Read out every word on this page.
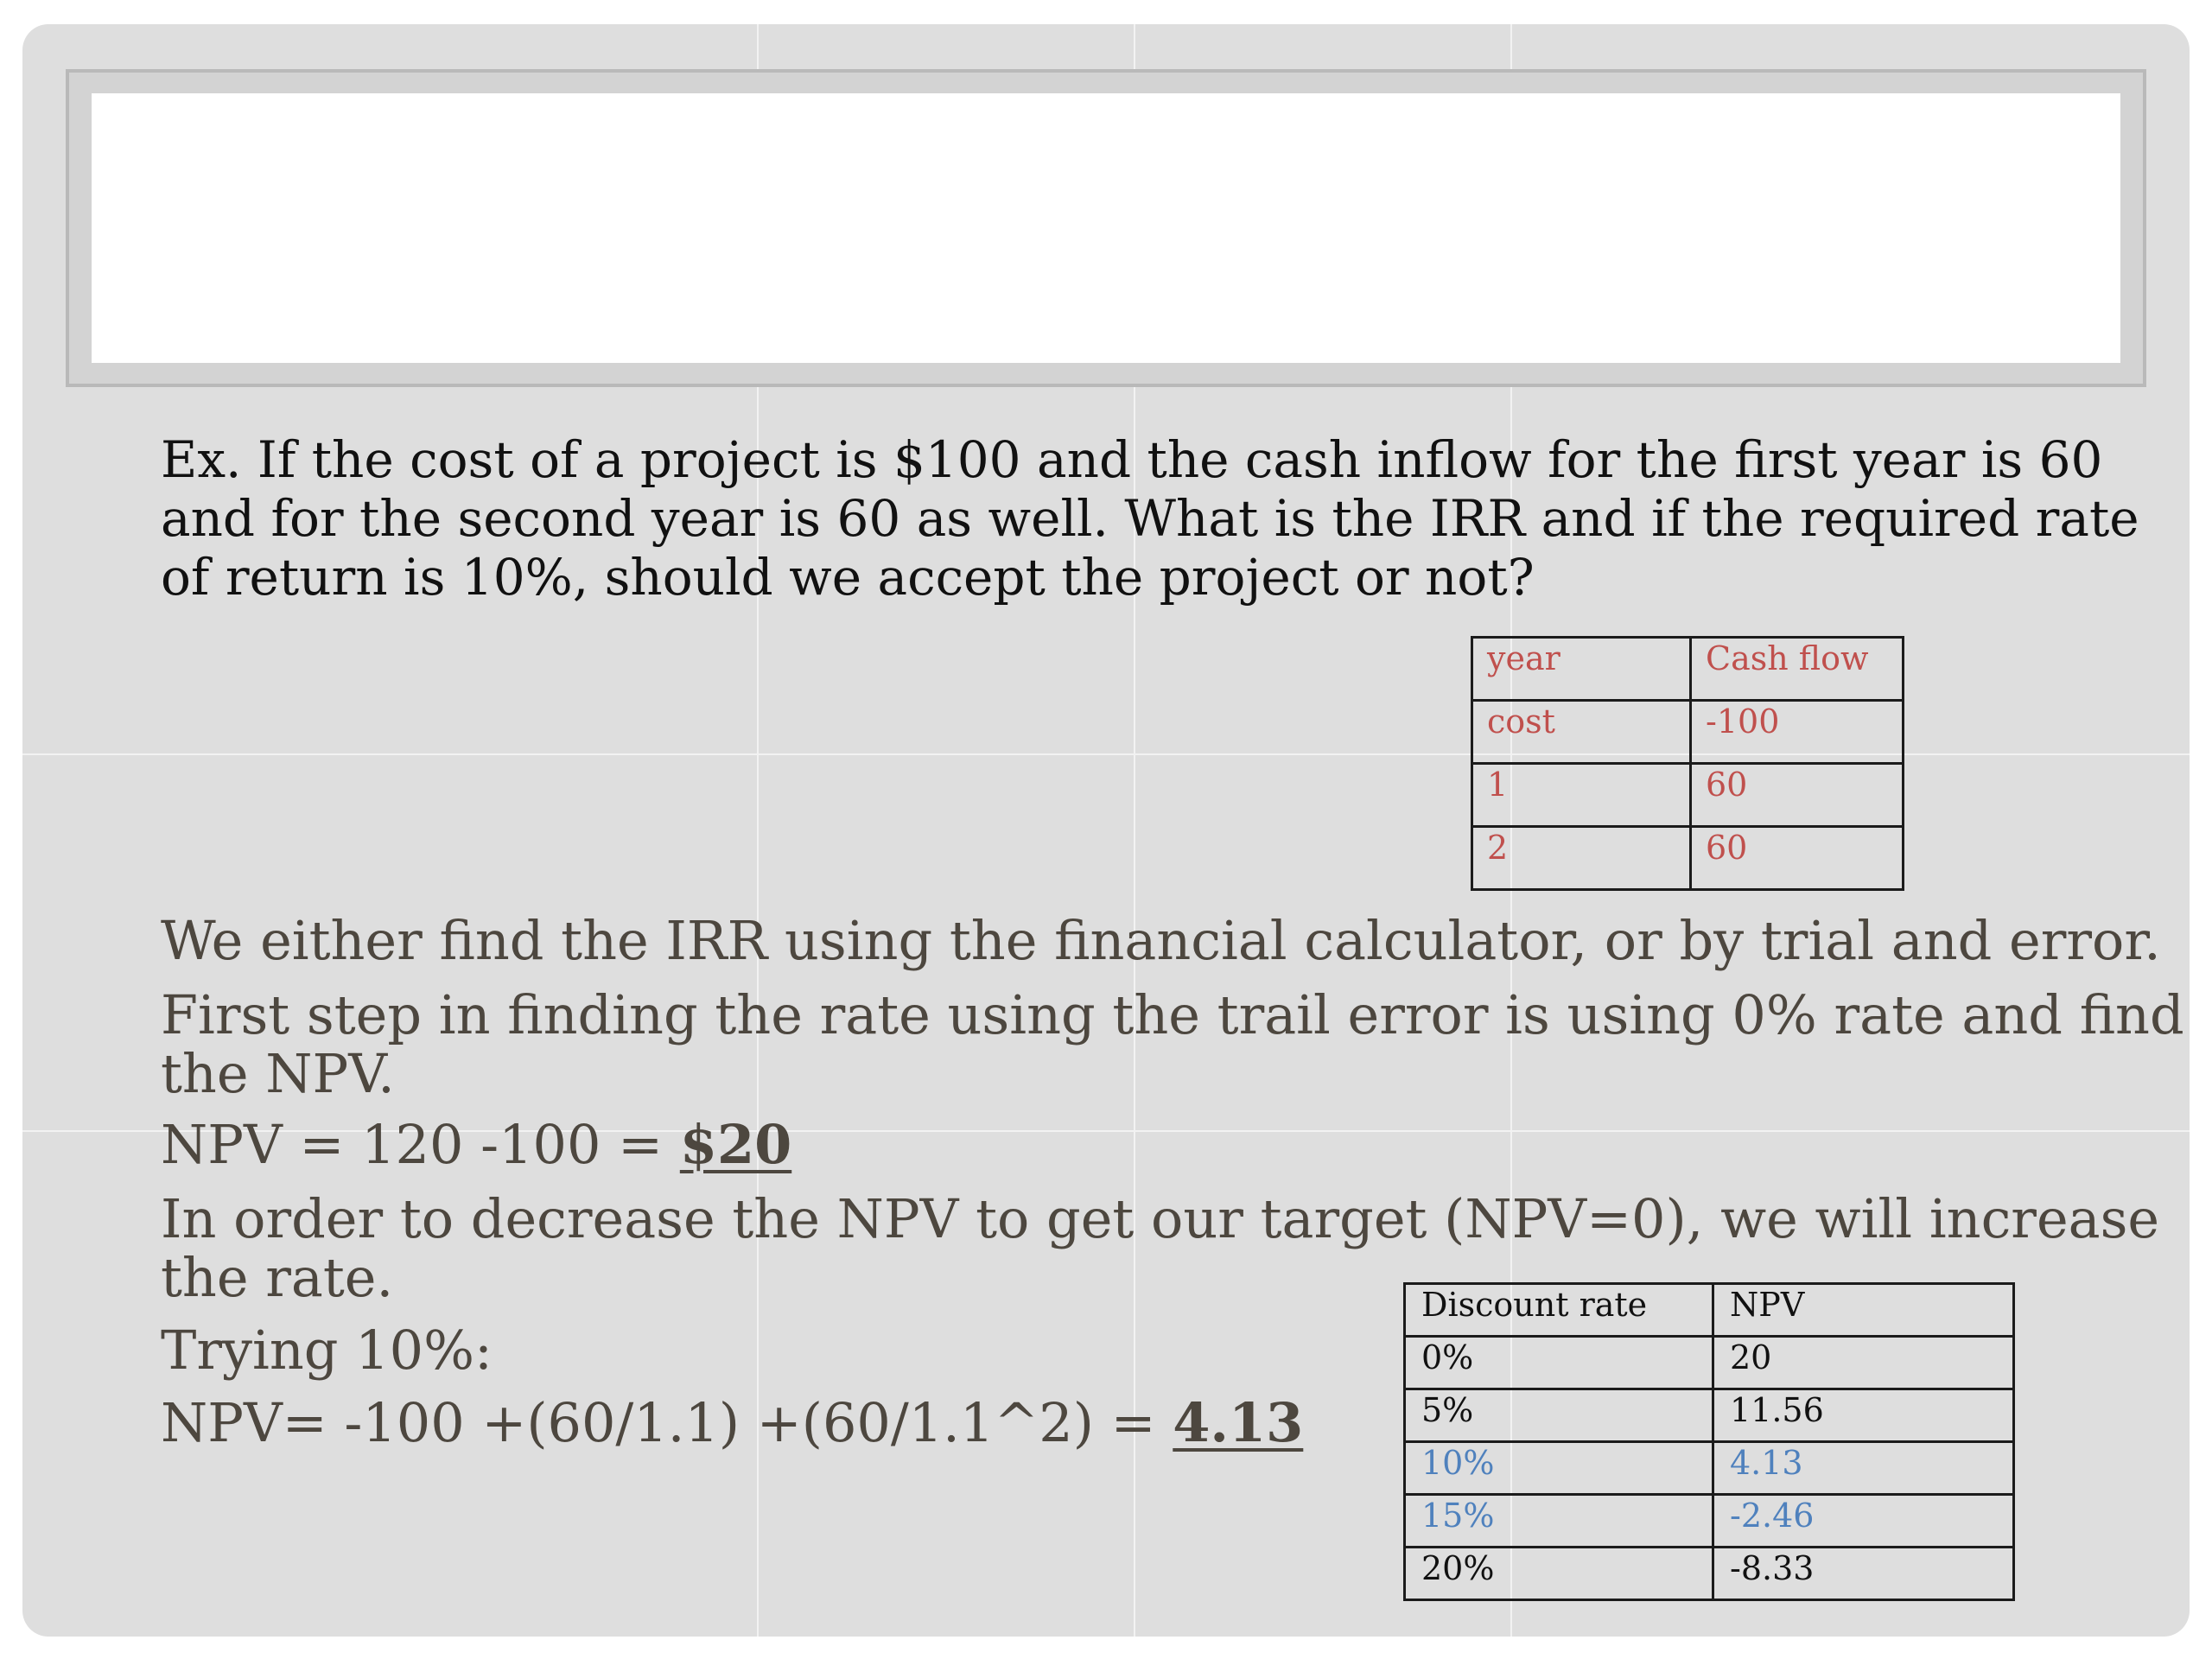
Ex. If the cost of a project is $100 and the cash inflow for the first year is 60 and for the second year is 60 as well. What is the IRR and if the required rate of return is 10%, should we accept the project or not?

year	Cash flow
cost	-100
1	60
2	60

We either find the IRR using the financial calculator, or by trial and error.

First step in finding the rate using the trail error is using 0% rate and find

the NPV.

NPV = 120 -100 = $20

In order to decrease the NPV to get our target (NPV=0), we will increase

the rate.

Trying 10%:

NPV= -100 +(60/1.1) +(60/1.1^2) = 4.13

Discount rate	NPV
0%	20
5%	11.56
10%	4.13
15%	-2.46
20%	-8.33
